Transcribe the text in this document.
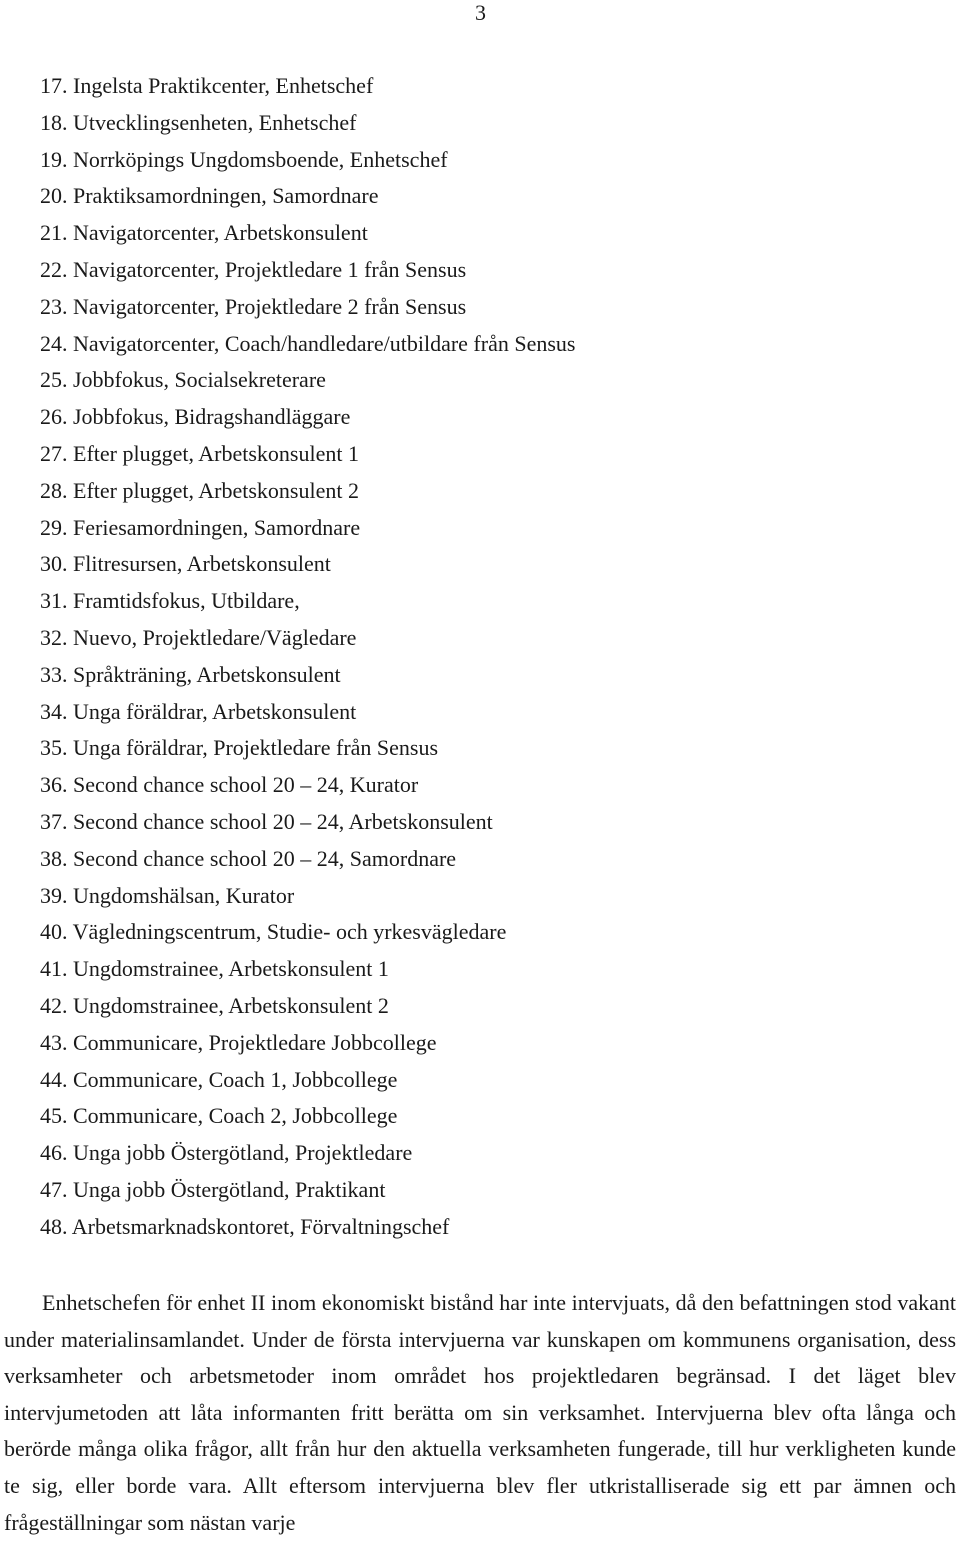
3
17. Ingelsta Praktikcenter, Enhetschef
18. Utvecklingsenheten, Enhetschef
19. Norrköpings Ungdomsboende, Enhetschef
20. Praktiksamordningen, Samordnare
21. Navigatorcenter, Arbetskonsulent
22. Navigatorcenter, Projektledare 1 från Sensus
23. Navigatorcenter, Projektledare 2 från Sensus
24. Navigatorcenter, Coach/handledare/utbildare från Sensus
25. Jobbfokus, Socialsekreterare
26. Jobbfokus, Bidragshandläggare
27. Efter plugget, Arbetskonsulent 1
28. Efter plugget, Arbetskonsulent 2
29. Feriesamordningen, Samordnare
30. Flitresursen, Arbetskonsulent
31. Framtidsfokus, Utbildare,
32. Nuevo, Projektledare/Vägledare
33. Språkträning, Arbetskonsulent
34. Unga föräldrar, Arbetskonsulent
35. Unga föräldrar, Projektledare från Sensus
36. Second chance school 20 – 24, Kurator
37. Second chance school 20 – 24, Arbetskonsulent
38. Second chance school 20 – 24, Samordnare
39. Ungdomshälsan, Kurator
40. Vägledningscentrum, Studie- och yrkesvägledare
41. Ungdomstrainee, Arbetskonsulent 1
42. Ungdomstrainee, Arbetskonsulent 2
43. Communicare, Projektledare Jobbcollege
44. Communicare, Coach 1, Jobbcollege
45. Communicare, Coach 2, Jobbcollege
46. Unga jobb Östergötland, Projektledare
47. Unga jobb Östergötland, Praktikant
48. Arbetsmarknadskontoret, Förvaltningschef

Enhetschefen för enhet II inom ekonomiskt bistånd har inte intervjuats, då den befattningen stod vakant under materialinsamlandet. Under de första intervjuerna var kunskapen om kommunens organisation, dess verksamheter och arbetsmetoder inom området hos projektledaren begränsad. I det läget blev intervjumetoden att låta informanten fritt berätta om sin verksamhet. Intervjuerna blev ofta långa och berörde många olika frågor, allt från hur den aktuella verksamheten fungerade, till hur verkligheten kunde te sig, eller borde vara. Allt eftersom intervjuerna blev fler utkristalliserade sig ett par ämnen och frågeställningar som nästan varje
